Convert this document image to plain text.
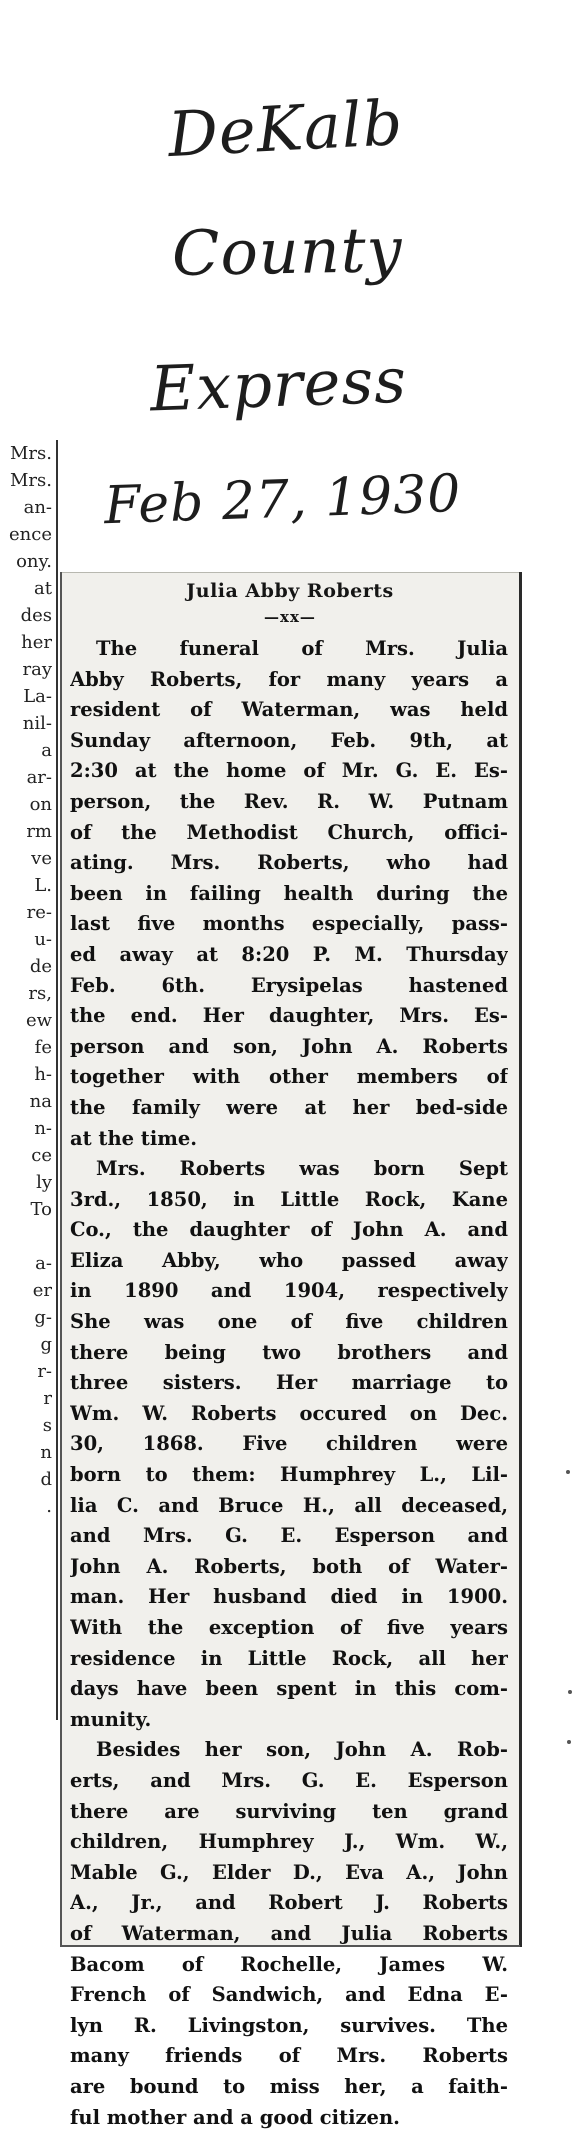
DeKalb
County
Express
Feb 27, 1930
Mrs.
Mrs.
an-
ence
ony.
at
des
her
ray
La-
nil-
a
ar-
on
rm
ve
L.
re-
u-
de
rs,
ew
fe
h-
na
n-
ce
ly
To
a-
er
g-
g
r-
r
s
n
d
.
Julia Abby Roberts
—xx—
The funeral of Mrs. Julia
Abby Roberts, for many years a
resident of Waterman, was held
Sunday afternoon, Feb. 9th, at
2:30 at the home of Mr. G. E. Es-
person, the Rev. R. W. Putnam
of the Methodist Church, offici-
ating. Mrs. Roberts, who had
been in failing health during the
last five months especially, pass-
ed away at 8:20 P. M. Thursday
Feb. 6th. Erysipelas hastened
the end. Her daughter, Mrs. Es-
person and son, John A. Roberts
together with other members of
the family were at her bed-side
at the time.
Mrs. Roberts was born Sept
3rd., 1850, in Little Rock, Kane
Co., the daughter of John A. and
Eliza Abby, who passed away
in 1890 and 1904, respectively
She was one of five children
there being two brothers and
three sisters. Her marriage to
Wm. W. Roberts occured on Dec.
30, 1868. Five children were
born to them: Humphrey L., Lil-
lia C. and Bruce H., all deceased,
and Mrs. G. E. Esperson and
John A. Roberts, both of Water-
man. Her husband died in 1900.
With the exception of five years
residence in Little Rock, all her
days have been spent in this com-
munity.
Besides her son, John A. Rob-
erts, and Mrs. G. E. Esperson
there are surviving ten grand
children, Humphrey J., Wm. W.,
Mable G., Elder D., Eva A., John
A., Jr., and Robert J. Roberts
of Waterman, and Julia Roberts
Bacom of Rochelle, James W.
French of Sandwich, and Edna E-
lyn R. Livingston, survives. The
many friends of Mrs. Roberts
are bound to miss her, a faith-
ful mother and a good citizen.
